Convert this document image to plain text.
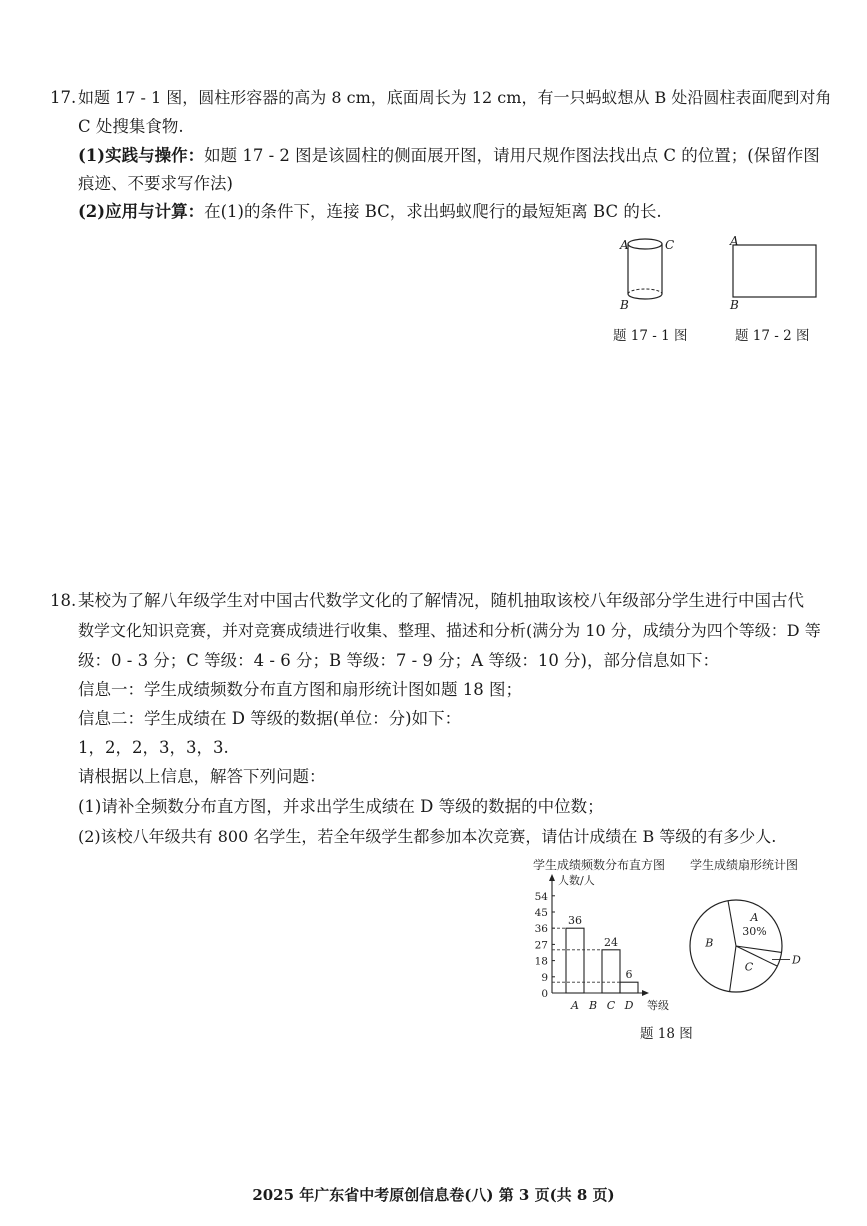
17. 如题 17 - 1 图，圆柱形容器的高为 8 cm，底面周长为 12 cm，有一只蚂蚁想从 B 处沿圆柱表面爬到对角
C 处搜集食物.
(1)实践与操作：如题 17 - 2 图是该圆柱的侧面展开图，请用尺规作图法找出点 C 的位置；(保留作图
痕迹、不要求写作法)
(2)应用与计算：在(1)的条件下，连接 BC，求出蚂蚁爬行的最短矩离 BC 的长.
A	C
B
题 17 - 1 图
A
B
题 17 - 2 图
18. 某校为了解八年级学生对中国古代数学文化的了解情况，随机抽取该校八年级部分学生进行中国古代
数学文化知识竞赛，并对竞赛成绩进行收集、整理、描述和分析(满分为 10 分，成绩分为四个等级：D 等
级：0 - 3 分；C 等级：4 - 6 分；B 等级：7 - 9 分；A 等级：10 分)，部分信息如下：
信息一：学生成绩频数分布直方图和扇形统计图如题 18 图；
信息二：学生成绩在 D 等级的数据(单位：分)如下：
1，2，2，3，3，3.
请根据以上信息，解答下列问题：
(1)请补全频数分布直方图，并求出学生成绩在 D 等级的数据的中位数；
(2)该校八年级共有 800 名学生，若全年级学生都参加本次竞赛，请估计成绩在 B 等级的有多少人.
学生成绩频数分布直方图
人数/人
等级
0
9
18
27
36
45
54
A
36
B C
24
D
6
学生成绩扇形统计图
A
B
C
30%
D
题 18 图
2025 年广东省中考原创信息卷(八) 第 3 页(共 8 页)
